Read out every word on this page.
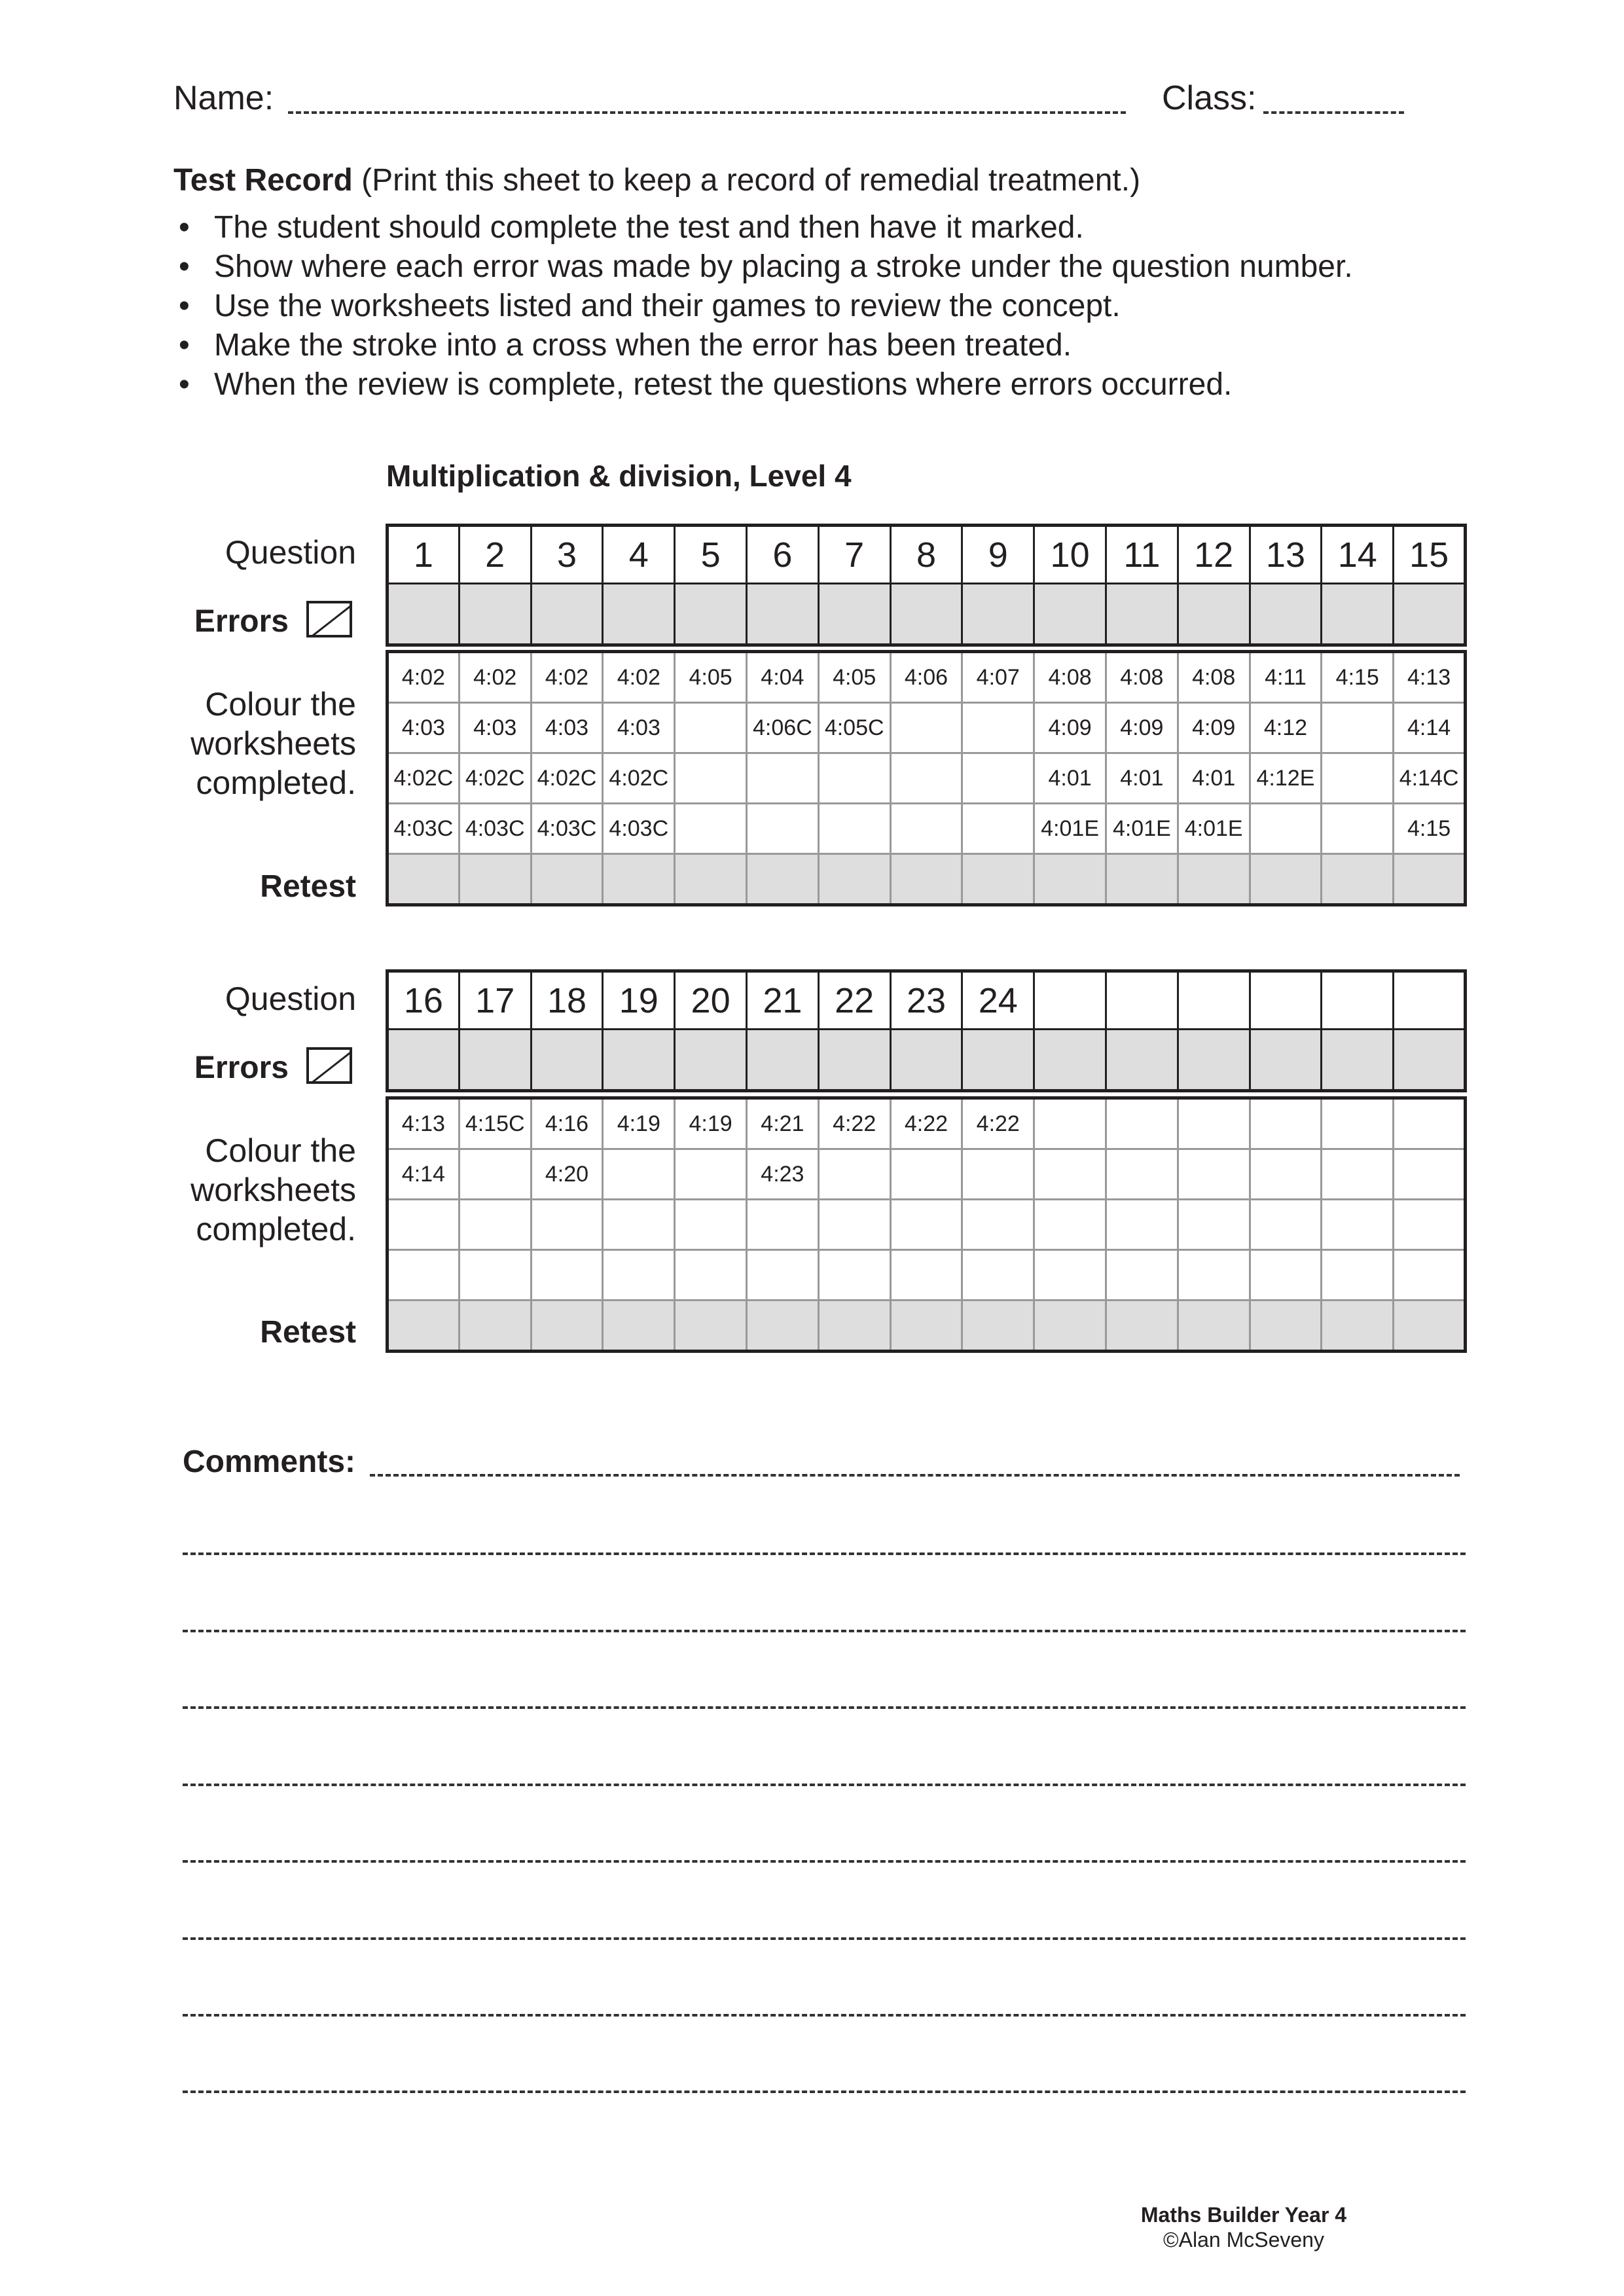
Name:	Class:
Test Record (Print this sheet to keep a record of remedial treatment.)
• The student should complete the test and then have it marked.
• Show where each error was made by placing a stroke under the question number.
• Use the worksheets listed and their games to review the concept.
• Make the stroke into a cross when the error has been treated.
• When the review is complete, retest the questions where errors occurred.
Multiplication & division, Level 4
Question
Errors
Colour the
worksheets
completed.
Retest
1	2	3	4	5	6	7	8	9	10	11	12	13	14	15

4:02	4:02	4:02	4:02	4:05	4:04	4:05	4:06	4:07	4:08	4:08	4:08	4:11	4:15	4:13
4:03	4:03	4:03	4:03		4:06C	4:05C			4:09	4:09	4:09	4:12		4:14
4:02C	4:02C	4:02C	4:02C						4:01	4:01	4:01	4:12E		4:14C
4:03C	4:03C	4:03C	4:03C						4:01E	4:01E	4:01E			4:15

Question
Errors
Colour the
worksheets
completed.
Retest
16	17	18	19	20	21	22	23	24						

4:13	4:15C	4:16	4:19	4:19	4:21	4:22	4:22	4:22						
4:14		4:20			4:23									

Comments:
Maths Builder Year 4
©Alan McSeveny
